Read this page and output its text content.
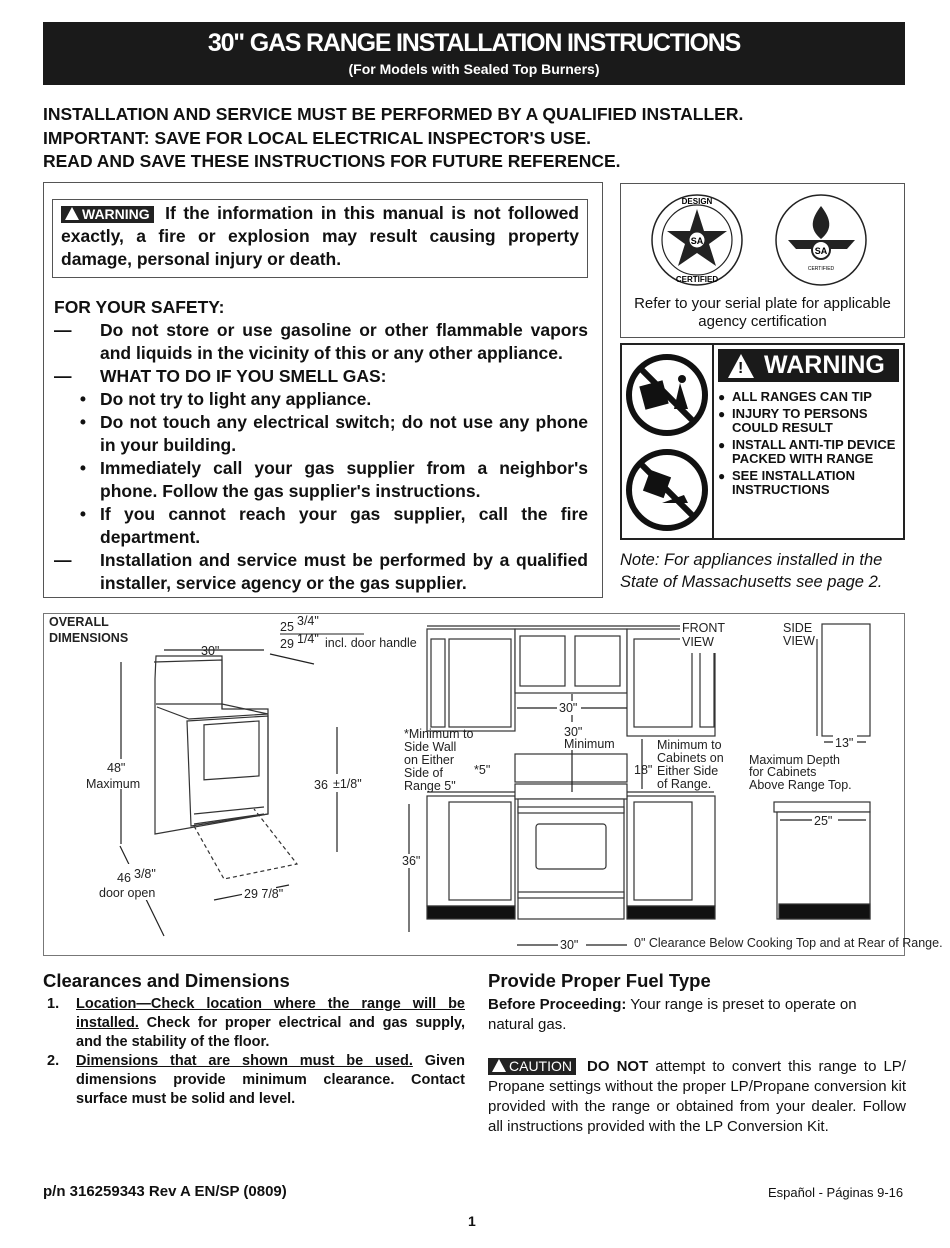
30" GAS RANGE INSTALLATION INSTRUCTIONS
(For Models with Sealed Top Burners)
INSTALLATION AND SERVICE MUST BE PERFORMED BY A QUALIFIED INSTALLER.
IMPORTANT: SAVE FOR LOCAL ELECTRICAL INSPECTOR'S USE.
READ AND SAVE THESE INSTRUCTIONS FOR FUTURE REFERENCE.
WARNING If the information in this manual is not followed exactly, a fire or explosion may result causing property damage, personal injury or death.
FOR YOUR SAFETY:
—	Do not store or use gasoline or other flammable vapors and liquids in the vicinity of this or any other appliance.
—	WHAT TO DO IF YOU SMELL GAS:
• Do not try to light any appliance.
• Do not touch any electrical switch; do not use any phone in your building.
• Immediately call your gas supplier from a neighbor's phone. Follow the gas supplier's instructions.
• If you cannot reach your gas supplier, call the fire department.
—	Installation and service must be performed by a qualified installer, service agency or the gas supplier.
SA
DESIGN
CERTIFIED
SA
CERTIFIED
Refer to your serial plate for applicable agency certification
! WARNING
● ALL RANGES CAN TIP
● INJURY TO PERSONS COULD RESULT
● INSTALL ANTI-TIP DEVICE PACKED WITH RANGE
● SEE INSTALLATION INSTRUCTIONS
Note: For appliances installed in the State of Massachusetts see page 2.
OVERALL
DIMENSIONS
30"
25 3/4"
29 1/4" incl. door handle
48"
Maximum	36 ±1/8"
46 3/8"
door open	29 7/8"
FRONT
VIEW
SIDE
VIEW
30"
30"
Minimum
*Minimum to
Side Wall
on Either
Side of
Range 5"
*5"	18"
Minimum to
Cabinets on
Either Side
of Range.
36"
30"	0" Clearance Below Cooking Top and at Rear of Range.
13"
Maximum Depth
for Cabinets
Above Range Top.
25"
Clearances and Dimensions
1.	Location—Check location where the range will be installed. Check for proper electrical and gas supply, and the stability of the floor.
2.	Dimensions that are shown must be used. Given dimensions provide minimum clearance. Contact surface must be solid and level.
Provide Proper Fuel Type
Before Proceeding: Your range is preset to operate on natural gas.
CAUTION DO NOT attempt to convert this range to LP/ Propane settings without the proper LP/Propane conversion kit provided with the range or obtained from your dealer. Follow all instructions provided with the LP Conversion Kit.
p/n 316259343 Rev A EN/SP (0809)	Español - Páginas 9-16
1
